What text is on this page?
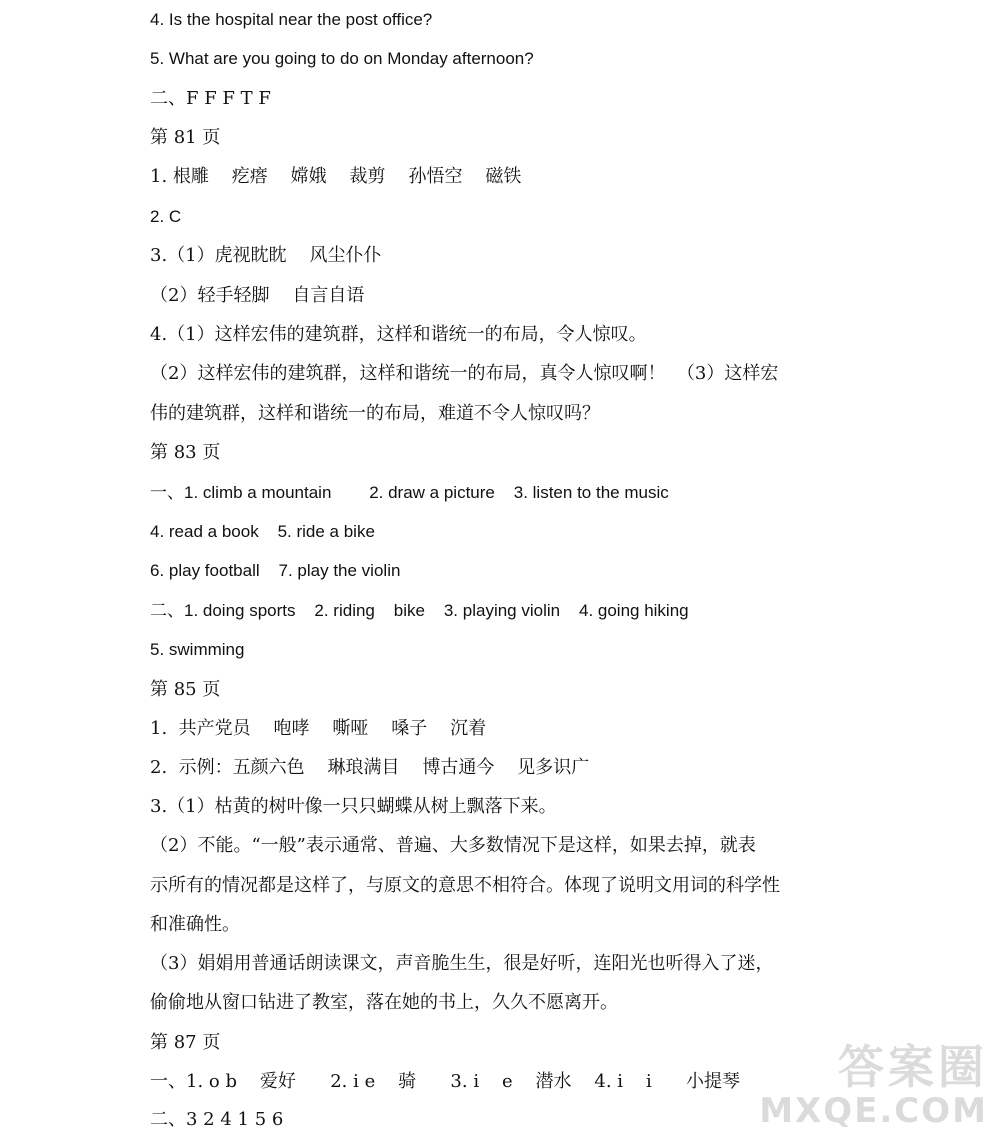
4. Is the hospital near the post office?
5. What are you going to do on Monday afternoon?
二、F F F T F
第 81 页
1. 根雕    疙瘩    嫦娥    裁剪    孙悟空    磁铁
2. C
3.（1）虎视眈眈    风尘仆仆
（2）轻手轻脚    自言自语
4.（1）这样宏伟的建筑群，这样和谐统一的布局，令人惊叹。
（2）这样宏伟的建筑群，这样和谐统一的布局，真令人惊叹啊！  （3）这样宏
伟的建筑群，这样和谐统一的布局，难道不令人惊叹吗？
第 83 页
一、1. climb a mountain        2. draw a picture    3. listen to the music
4. read a book    5. ride a bike
6. play football    7. play the violin
二、1. doing sports    2. riding    bike    3. playing violin    4. going hiking
5. swimming
第 85 页
1.  共产党员    咆哮    嘶哑    嗓子    沉着
2.  示例：五颜六色    琳琅满目    博古通今    见多识广
3.（1）枯黄的树叶像一只只蝴蝶从树上飘落下来。
（2）不能。“一般”表示通常、普遍、大多数情况下是这样，如果去掉，就表
示所有的情况都是这样了，与原文的意思不相符合。体现了说明文用词的科学性
和准确性。
（3）娟娟用普通话朗读课文，声音脆生生，很是好听，连阳光也听得入了迷，
偷偷地从窗口钻进了教室，落在她的书上，久久不愿离开。
第 87 页
一、1. o b    爱好      2. i e    骑      3. i    e    潜水    4. i    i      小提琴
二、3 2 4 1 5 6
答案圈
MXQE.COM
